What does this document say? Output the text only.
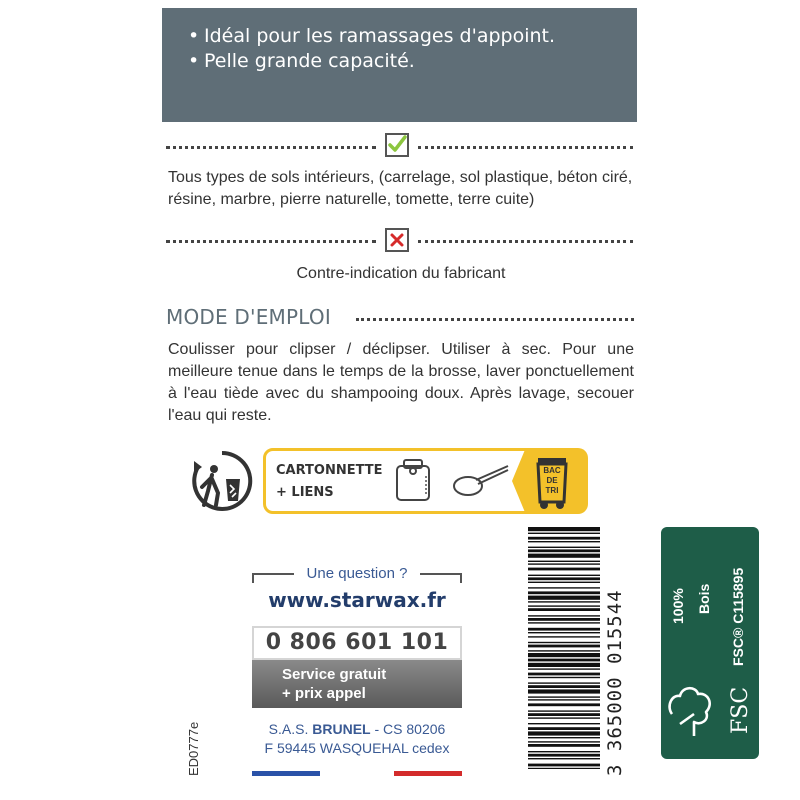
• Idéal pour les ramassages d'appoint.
• Pelle grande capacité.
Tous types de sols intérieurs, (carrelage, sol plastique, béton ciré, résine, marbre, pierre naturelle, tomette, terre cuite)
Contre-indication du fabricant
MODE D'EMPLOI
Coulisser pour clipser / déclipser. Utiliser à sec. Pour une meilleure tenue dans le temps de la brosse, laver ponctuellement à l'eau tiède avec du shampooing doux. Après lavage, secouer l'eau qui reste.
CARTONNETTE
+ LIENS
BAC
DE
TRI
Une question ?
www.starwax.fr
0 806 601 101
Service gratuit
+ prix appel
S.A.S. BRUNEL - CS 80206
F 59445 WASQUEHAL cedex
ED0777e	3 365000 015544	100% Bois FSC® C115895
FSC
